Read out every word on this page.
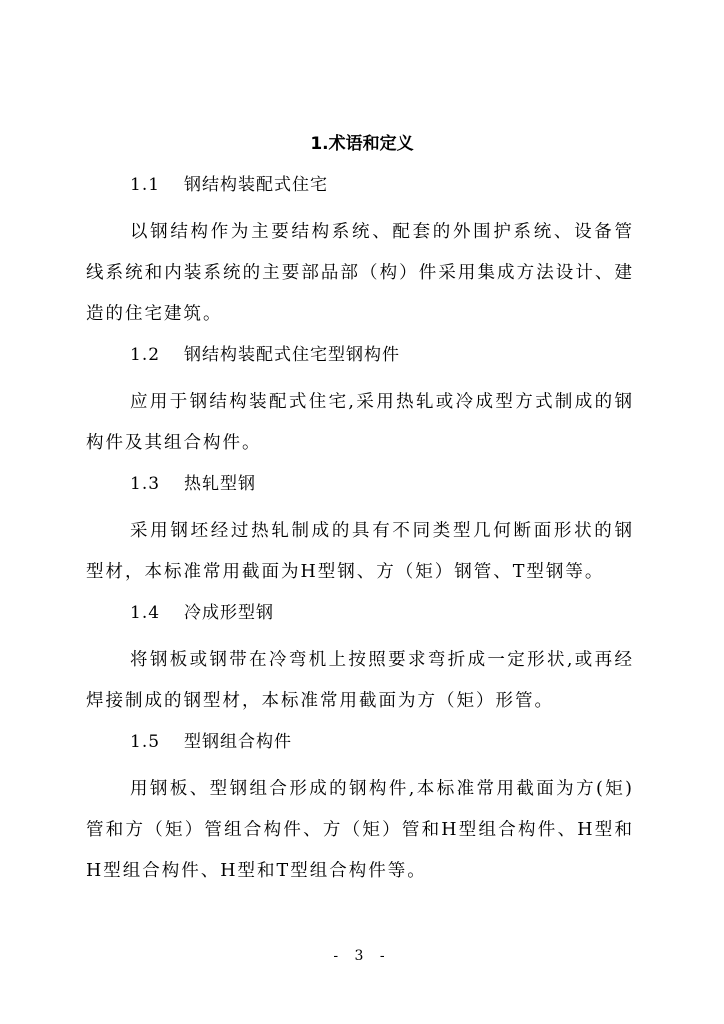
1.术语和定义
1.1 钢结构装配式住宅
以钢结构作为主要结构系统、配套的外围护系统、设备管线系统和内装系统的主要部品部（构）件采用集成方法设计、建造的住宅建筑。
1.2 钢结构装配式住宅型钢构件
应用于钢结构装配式住宅,采用热轧或冷成型方式制成的钢构件及其组合构件。
1.3 热轧型钢
采用钢坯经过热轧制成的具有不同类型几何断面形状的钢型材，本标准常用截面为H型钢、方（矩）钢管、T型钢等。
1.4 冷成形型钢
将钢板或钢带在冷弯机上按照要求弯折成一定形状,或再经焊接制成的钢型材，本标准常用截面为方（矩）形管。
1.5 型钢组合构件
用钢板、型钢组合形成的钢构件,本标准常用截面为方(矩)管和方（矩）管组合构件、方（矩）管和H型组合构件、H型和H型组合构件、H型和T型组合构件等。
- 3 -
